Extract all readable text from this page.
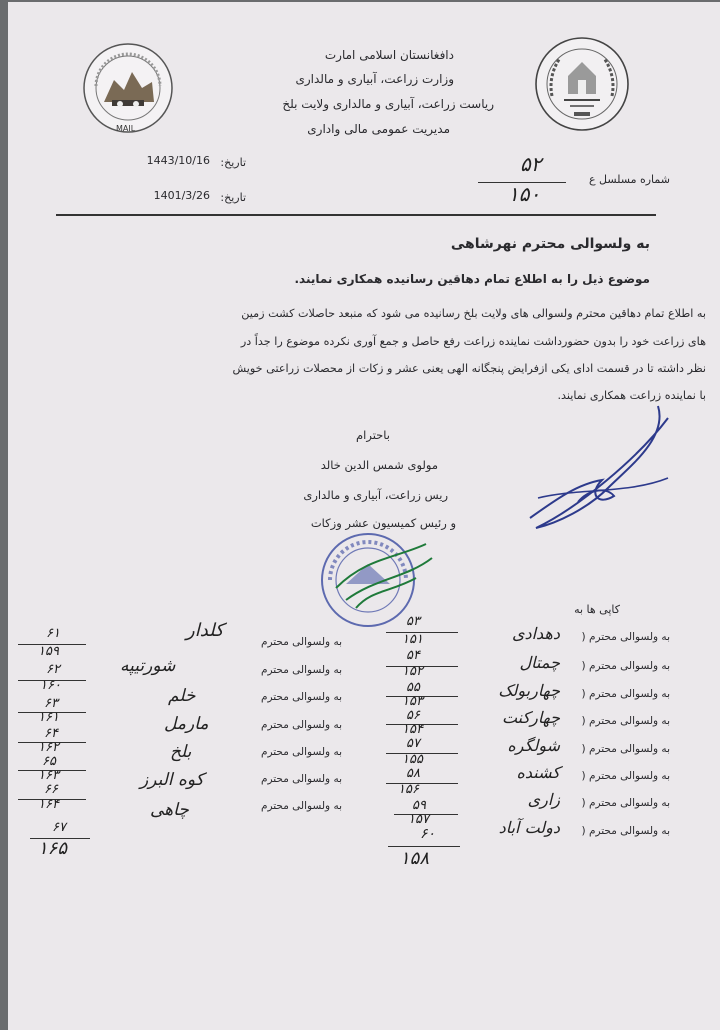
MAIL
دافغانستان اسلامی امارت
وزارت زراعت، آبیاری و مالداری
ریاست زراعت، آبیاری و مالداری ولایت بلخ
مدیریت عمومی مالی واداری
تاریخ:
1443/10/16
تاریخ:
1401/3/26
شماره مسلسل ع
۵۲
۱۵۰
به ولسوالی محترم نهرشاهی
موضوع ذیل را به اطلاع تمام دهاقین رسانیده همکاری نمایند.
به اطلاع تمام دهاقین محترم ولسوالی های ولایت بلخ رسانیده می شود که منبعد حاصلات کشت زمین
های زراعت خود را بدون حضورداشت نماینده زراعت رفع حاصل و جمع آوری نکرده موضوع را جداً در
نظر داشته تا در قسمت ادای یکی ازفرایض پنجگانه الهی یعنی عشر و زکات از محصلات زراعتی خویش
با نماینده زراعت همکاری نمایند.
باحترام
مولوی شمس الدین خالد
ریس زراعت، آبیاری و مالداری
و رئیس کمیسیون عشر وزکات
کاپی ها به
به ولسوالی محترم (
به ولسوالی محترم (
به ولسوالی محترم (
به ولسوالی محترم (
به ولسوالی محترم (
به ولسوالی محترم (
به ولسوالی محترم (
به ولسوالی محترم (
دهدادی
چمتال
چهاربولک
چهارکنت
شولگره
کشنده
زاری
دولت آباد
۵۳
۱۵۱
۵۴
۱۵۲
۵۵
۱۵۳
۵۶
۱۵۴
۵۷
۱۵۵
۵۸
۱۵۶
۵۹
۱۵۷
۶۰
۱۵۸
به ولسوالی محترم
به ولسوالی محترم
به ولسوالی محترم
به ولسوالی محترم
به ولسوالی محترم
به ولسوالی محترم
به ولسوالی محترم
کلدار
شورتیپه
خلم
مارمل
بلخ
کوه البرز
چاهی
۶۱
۱۵۹
۶۲
۱۶۰
۶۳
۱۶۱
۶۴
۱۶۲
۶۵
۱۶۳
۶۶
۱۶۴
۶۷
۱۶۵
